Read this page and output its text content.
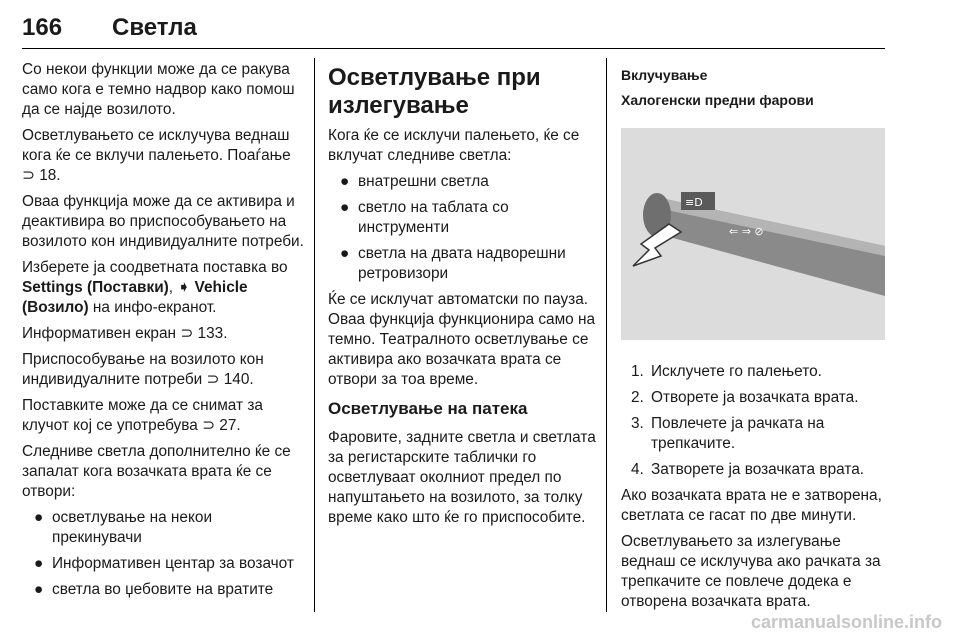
166	Светла

Со некои функции може да се ракува само кога е темно надвор како помош да се најде возилото.

Осветлувањето се исклучува веднаш кога ќе се вклучи палењето. Поаѓање ⊃ 18.

Оваа функција може да се активира и деактивира во приспособувањето на возилото кон индивидуалните потреби.

Изберете ја соодветната поставка во Settings (Поставки), ➧ Vehicle (Возило) на инфо-екранот.

Информативен екран ⊃ 133.

Приспособување на возилото кон индивидуалните потреби ⊃ 140.

Поставките може да се снимат за клучот кој се употребува ⊃ 27.

Следниве светла дополнително ќе се запалат кога возачката врата ќе се отвори:

● осветлување на некои прекинувачи
● Информативен центар за возачот
● светла во џебовите на вратите
Осветлување при излегување

Кога ќе се исклучи палењето, ќе се вклучат следниве светла:

● внатрешни светла
● светло на таблата со инструменти
● светла на двата надворешни ретровизори

Ќе се исклучат автоматски по пауза. Оваа функција функционира само на темно. Театралното осветлување се активира ако возачката врата се отвори за тоа време.

Осветлување на патека

Фаровите, задните светла и светлата за регистарските таблички го осветлуваат околниот предел по напуштањето на возилото, за толку време како што ќе го приспособите.

Вклучување

Халогенски предни фарови

≡D
⇐ ⇒ ⊘
1. Исклучете го палењето.
2. Отворете ја возачката врата.
3. Повлечете ја рачката на трепкачите.
4. Затворете ја возачката врата.

Ако возачката врата не е затворена, светлата се гасат по две минути.

Осветлувањето за излегување веднаш се исклучува ако рачката за трепкачите се повлече додека е отворена возачката врата.

carmanualsonline.info
